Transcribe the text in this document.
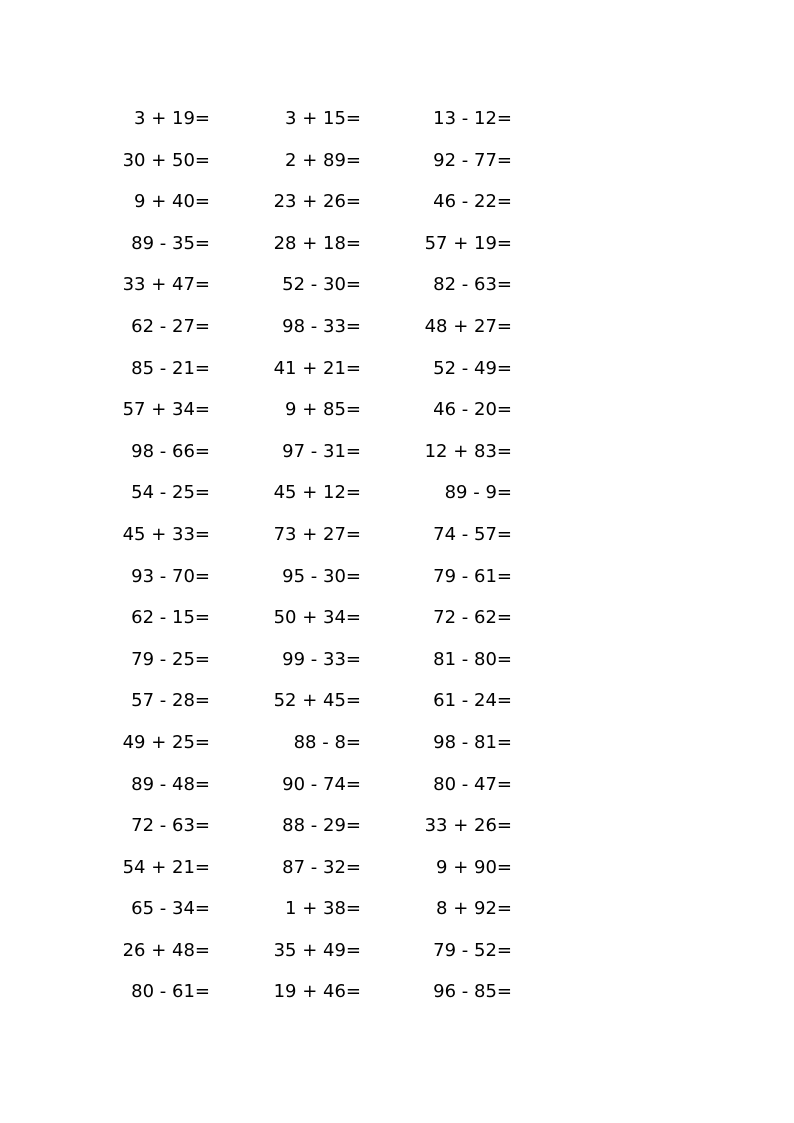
3 + 19=	3 + 15=	13 - 12=
30 + 50=	2 + 89=	92 - 77=
9 + 40=	23 + 26=	46 - 22=
89 - 35=	28 + 18=	57 + 19=
33 + 47=	52 - 30=	82 - 63=
62 - 27=	98 - 33=	48 + 27=
85 - 21=	41 + 21=	52 - 49=
57 + 34=	9 + 85=	46 - 20=
98 - 66=	97 - 31=	12 + 83=
54 - 25=	45 + 12=	89 - 9=
45 + 33=	73 + 27=	74 - 57=
93 - 70=	95 - 30=	79 - 61=
62 - 15=	50 + 34=	72 - 62=
79 - 25=	99 - 33=	81 - 80=
57 - 28=	52 + 45=	61 - 24=
49 + 25=	88 - 8=	98 - 81=
89 - 48=	90 - 74=	80 - 47=
72 - 63=	88 - 29=	33 + 26=
54 + 21=	87 - 32=	9 + 90=
65 - 34=	1 + 38=	8 + 92=
26 + 48=	35 + 49=	79 - 52=
80 - 61=	19 + 46=	96 - 85=
